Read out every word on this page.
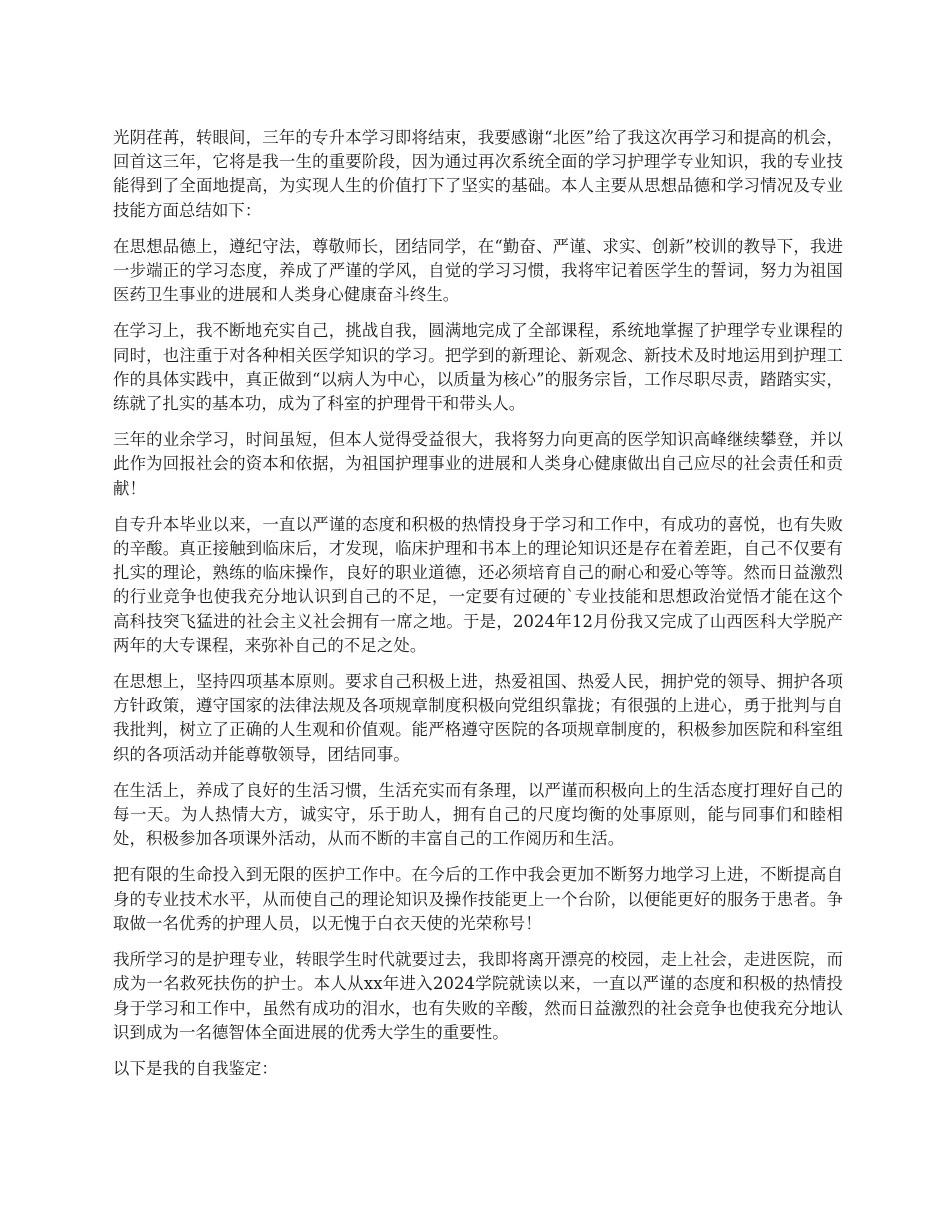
光阴荏苒，转眼间，三年的专升本学习即将结束，我要感谢“北医”给了我这次再学习和提高的机会，回首这三年，它将是我一生的重要阶段，因为通过再次系统全面的学习护理学专业知识，我的专业技能得到了全面地提高，为实现人生的价值打下了坚实的基础。本人主要从思想品德和学习情况及专业技能方面总结如下：

在思想品德上，遵纪守法，尊敬师长，团结同学，在“勤奋、严谨、求实、创新”校训的教导下，我进一步端正的学习态度，养成了严谨的学风，自觉的学习习惯，我将牢记着医学生的誓词，努力为祖国医药卫生事业的进展和人类身心健康奋斗终生。

在学习上，我不断地充实自己，挑战自我，圆满地完成了全部课程，系统地掌握了护理学专业课程的同时，也注重于对各种相关医学知识的学习。把学到的新理论、新观念、新技术及时地运用到护理工作的具体实践中，真正做到“以病人为中心，以质量为核心”的服务宗旨，工作尽职尽责，踏踏实实，练就了扎实的基本功，成为了科室的护理骨干和带头人。

三年的业余学习，时间虽短，但本人觉得受益很大，我将努力向更高的医学知识高峰继续攀登，并以此作为回报社会的资本和依据，为祖国护理事业的进展和人类身心健康做出自己应尽的社会责任和贡献！

自专升本毕业以来，一直以严谨的态度和积极的热情投身于学习和工作中，有成功的喜悦，也有失败的辛酸。真正接触到临床后，才发现，临床护理和书本上的理论知识还是存在着差距，自己不仅要有扎实的理论，熟练的临床操作，良好的职业道德，还必须培育自己的耐心和爱心等等。然而日益激烈的行业竞争也使我充分地认识到自己的不足，一定要有过硬的`专业技能和思想政治觉悟才能在这个高科技突飞猛进的社会主义社会拥有一席之地。于是，2024年12月份我又完成了山西医科大学脱产两年的大专课程，来弥补自己的不足之处。

在思想上，坚持四项基本原则。要求自己积极上进，热爱祖国、热爱人民，拥护党的领导、拥护各项方针政策，遵守国家的法律法规及各项规章制度积极向党组织靠拢；有很强的上进心，勇于批判与自我批判，树立了正确的人生观和价值观。能严格遵守医院的各项规章制度的，积极参加医院和科室组织的各项活动并能尊敬领导，团结同事。

在生活上，养成了良好的生活习惯，生活充实而有条理，以严谨而积极向上的生活态度打理好自己的每一天。为人热情大方，诚实守，乐于助人，拥有自己的尺度均衡的处事原则，能与同事们和睦相处，积极参加各项课外活动，从而不断的丰富自己的工作阅历和生活。

把有限的生命投入到无限的医护工作中。在今后的工作中我会更加不断努力地学习上进，不断提高自身的专业技术水平，从而使自己的理论知识及操作技能更上一个台阶，以便能更好的服务于患者。争取做一名优秀的护理人员，以无愧于白衣天使的光荣称号！

我所学习的是护理专业，转眼学生时代就要过去，我即将离开漂亮的校园，走上社会，走进医院，而成为一名救死扶伤的护士。本人从xx年进入2024学院就读以来，一直以严谨的态度和积极的热情投身于学习和工作中，虽然有成功的泪水，也有失败的辛酸，然而日益激烈的社会竞争也使我充分地认识到成为一名德智体全面进展的优秀大学生的重要性。

以下是我的自我鉴定：
